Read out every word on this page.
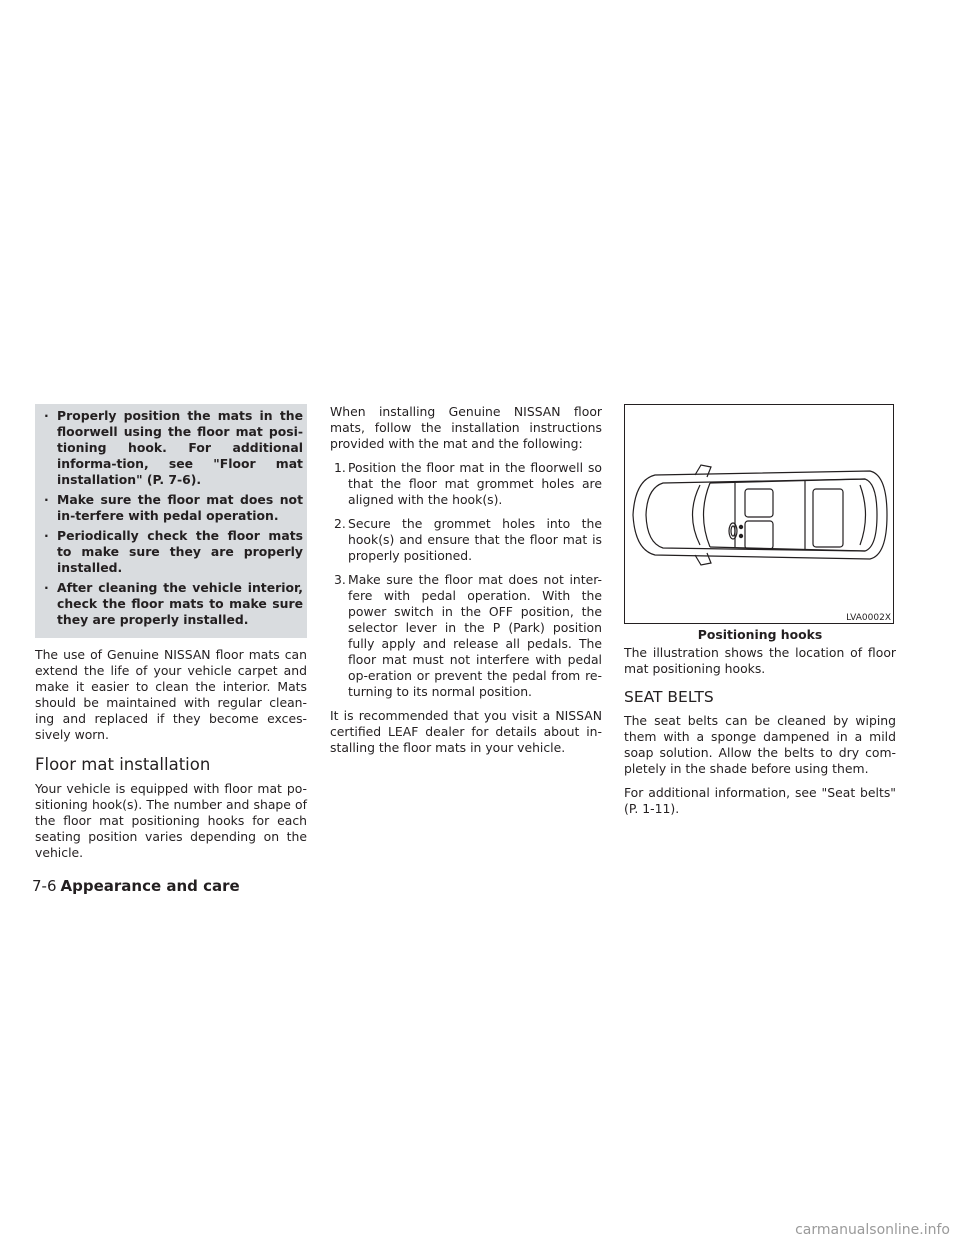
· Properly position the mats in the floorwell using the floor mat posi-tioning hook. For additional informa-tion, see "Floor mat installation" (P. 7-6).
· Make sure the floor mat does not in-terfere with pedal operation.
· Periodically check the floor mats to make sure they are properly installed.
· After cleaning the vehicle interior, check the floor mats to make sure they are properly installed.

The use of Genuine NISSAN floor mats can extend the life of your vehicle carpet and make it easier to clean the interior. Mats should be maintained with regular clean-ing and replaced if they become exces-sively worn.

Floor mat installation

Your vehicle is equipped with floor mat po-sitioning hook(s). The number and shape of the floor mat positioning hooks for each seating position varies depending on the vehicle.

When installing Genuine NISSAN floor mats, follow the installation instructions provided with the mat and the following:

1. Position the floor mat in the floorwell so that the floor mat grommet holes are aligned with the hook(s).
2. Secure the grommet holes into the hook(s) and ensure that the floor mat is properly positioned.
3. Make sure the floor mat does not inter-fere with pedal operation. With the power switch in the OFF position, the selector lever in the P (Park) position fully apply and release all pedals. The floor mat must not interfere with pedal op-eration or prevent the pedal from re-turning to its normal position.

It is recommended that you visit a NISSAN certified LEAF dealer for details about in-stalling the floor mats in your vehicle.

LVA0002X
Positioning hooks

The illustration shows the location of floor mat positioning hooks.

SEAT BELTS

The seat belts can be cleaned by wiping them with a sponge dampened in a mild soap solution. Allow the belts to dry com-pletely in the shade before using them.

For additional information, see "Seat belts" (P. 1-11).

7-6 Appearance and care
carmanualsonline.info
